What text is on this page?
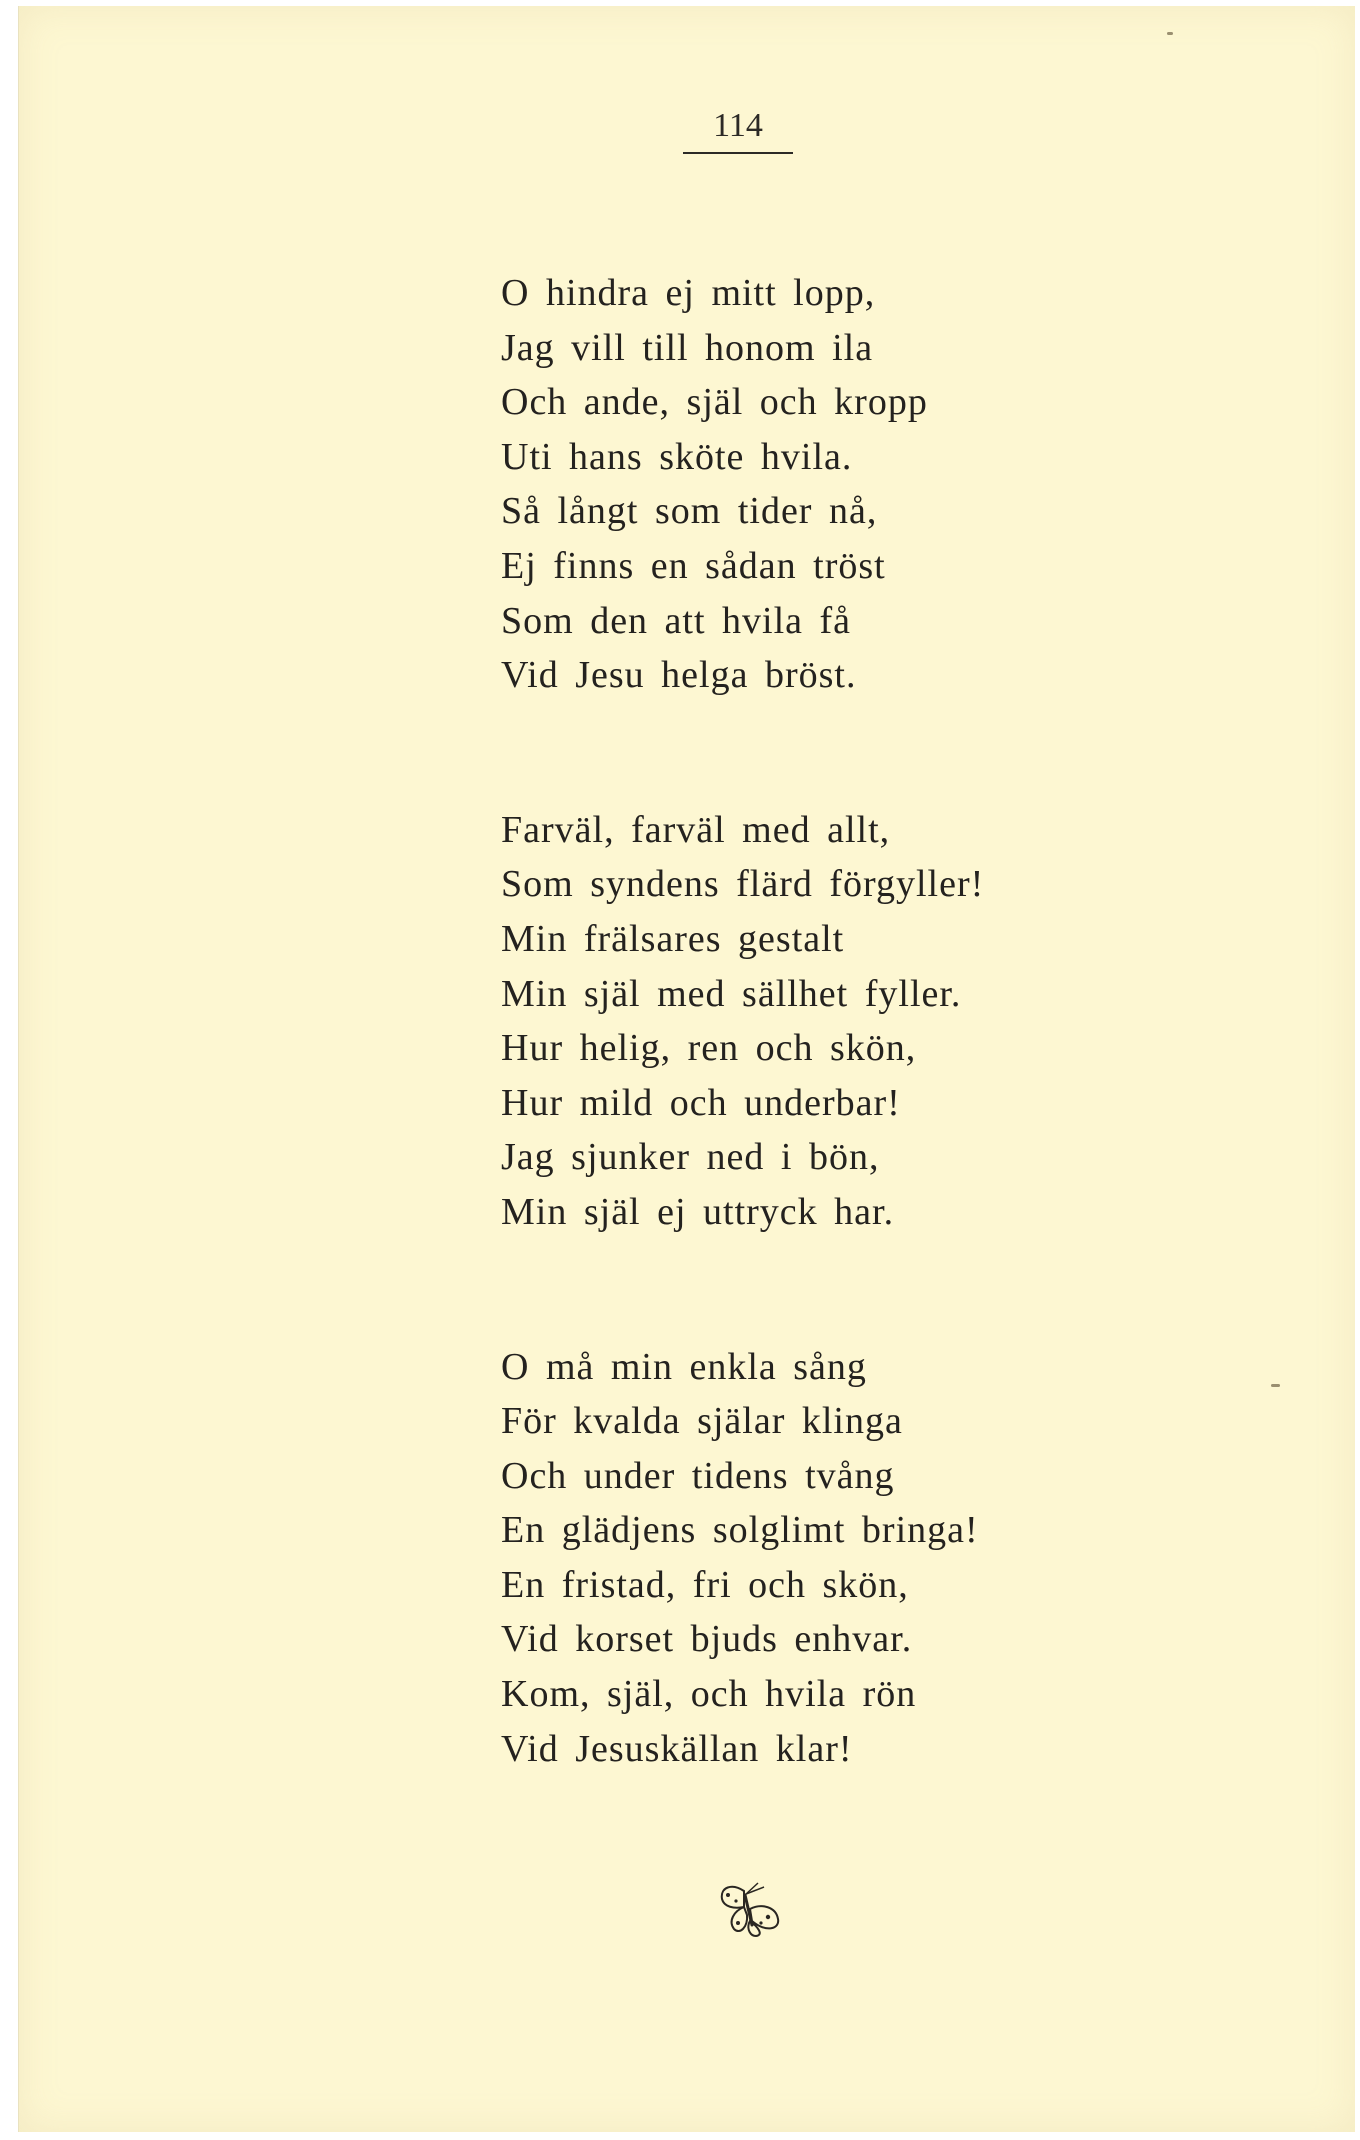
114
O hindra ej mitt lopp,
Jag vill till honom ila
Och ande, själ och kropp
Uti hans sköte hvila.
Så långt som tider nå,
Ej finns en sådan tröst
Som den att hvila få
Vid Jesu helga bröst.
Farväl, farväl med allt,
Som syndens flärd förgyller!
Min frälsares gestalt
Min själ med sällhet fyller.
Hur helig, ren och skön,
Hur mild och underbar!
Jag sjunker ned i bön,
Min själ ej uttryck har.
O må min enkla sång
För kvalda själar klinga
Och under tidens tvång
En glädjens solglimt bringa!
En fristad, fri och skön,
Vid korset bjuds enhvar.
Kom, själ, och hvila rön
Vid Jesuskällan klar!
